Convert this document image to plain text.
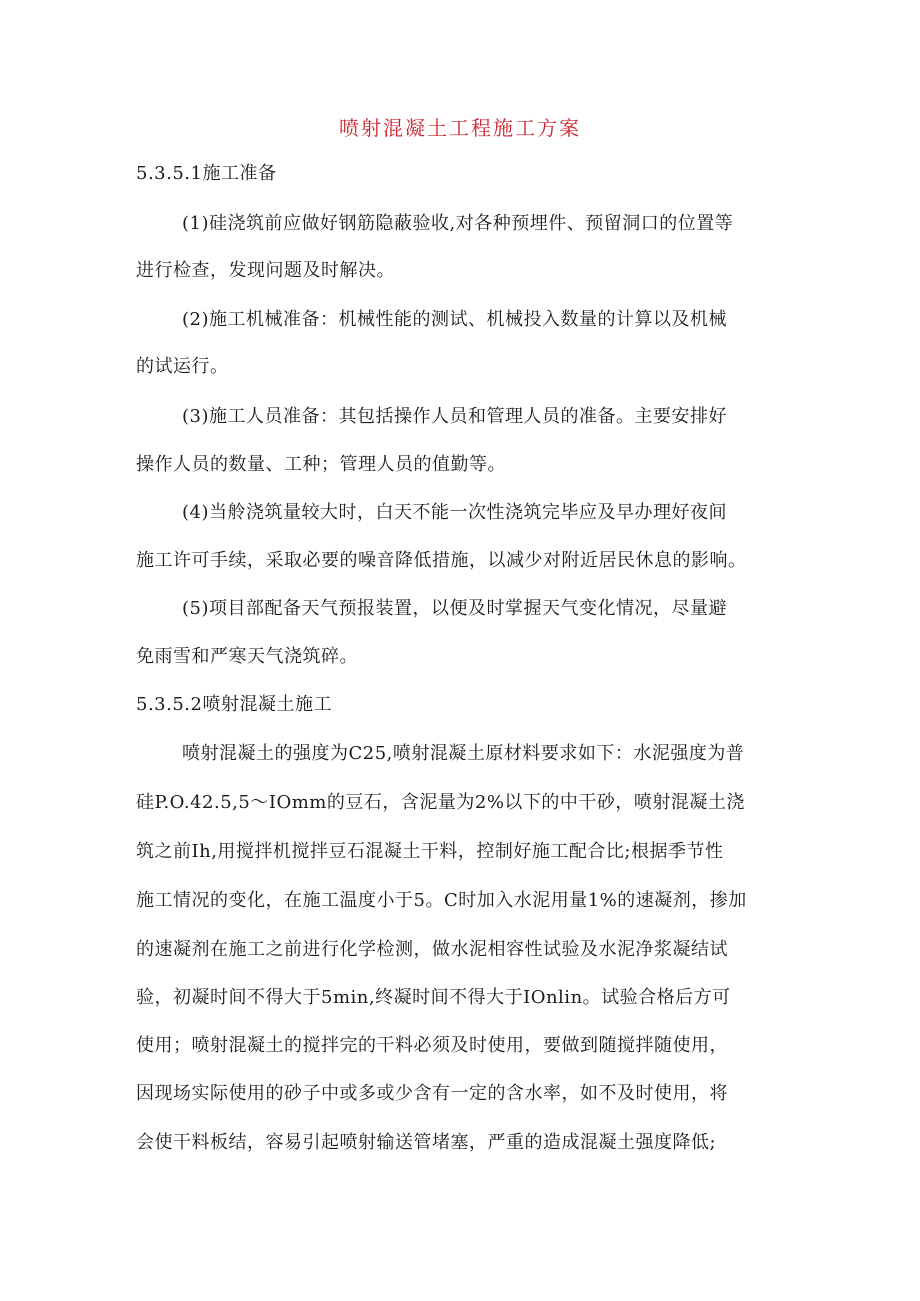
喷射混凝土工程施工方案
5.3.5.1施工准备
(1)硅浇筑前应做好钢筋隐蔽验收,对各种预埋件、预留洞口的位置等
进行检查，发现问题及时解决。
(2)施工机械准备：机械性能的测试、机械投入数量的计算以及机械
的试运行。
(3)施工人员准备：其包括操作人员和管理人员的准备。主要安排好
操作人员的数量、工种；管理人员的值勤等。
(4)当舲浇筑量较大时，白天不能一次性浇筑完毕应及早办理好夜间
施工许可手续，采取必要的噪音降低措施，以减少对附近居民休息的影响。
(5)项目部配备天气预报装置，以便及时掌握天气变化情况，尽量避
免雨雪和严寒天气浇筑碎。
5.3.5.2喷射混凝土施工
喷射混凝土的强度为C25,喷射混凝土原材料要求如下：水泥强度为普
硅P.O.42.5,5～IOmm的豆石，含泥量为2%以下的中干砂，喷射混凝土浇
筑之前Ih,用搅拌机搅拌豆石混凝土干料，控制好施工配合比;根据季节性
施工情况的变化，在施工温度小于5。C时加入水泥用量1%的速凝剂，掺加
的速凝剂在施工之前进行化学检测，做水泥相容性试验及水泥净浆凝结试
验，初凝时间不得大于5min,终凝时间不得大于IOnlin。试验合格后方可
使用；喷射混凝土的搅拌完的干料必须及时使用，要做到随搅拌随使用，
因现场实际使用的砂子中或多或少含有一定的含水率，如不及时使用，将
会使干料板结，容易引起喷射输送管堵塞，严重的造成混凝土强度降低;
